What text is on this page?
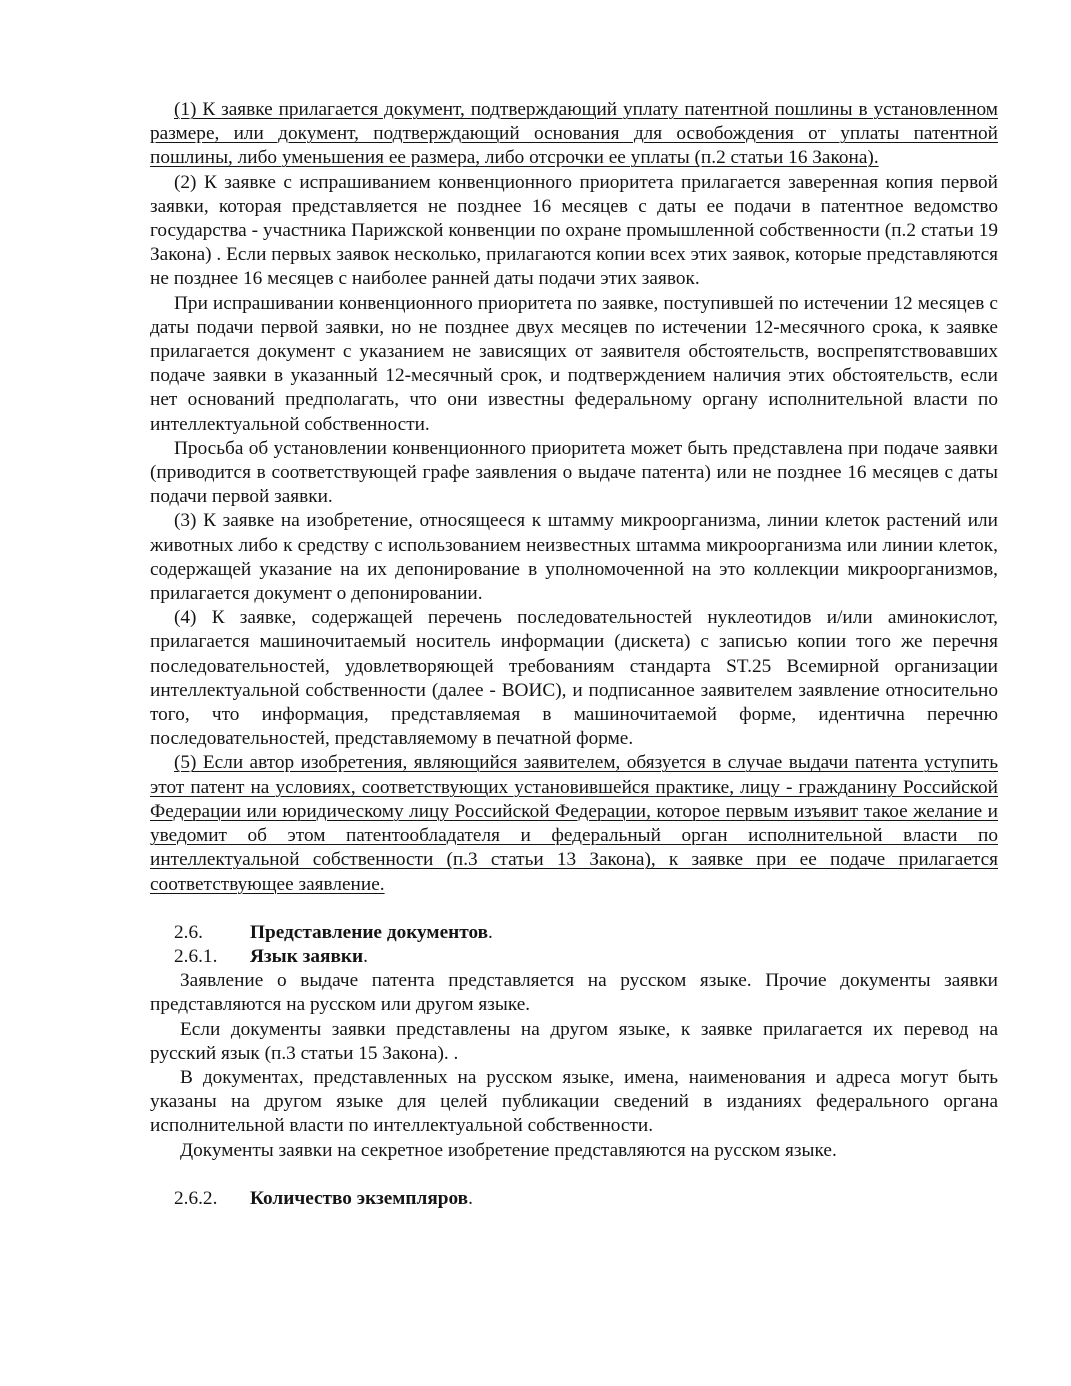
(1) К заявке прилагается документ, подтверждающий уплату патентной пошлины в установленном размере, или документ, подтверждающий основания для освобождения от уплаты патентной пошлины, либо уменьшения ее размера, либо отсрочки ее уплаты (п.2 статьи 16 Закона).

(2) К заявке с испрашиванием конвенционного приоритета прилагается заверенная копия первой заявки, которая представляется не позднее 16 месяцев с даты ее подачи в патентное ведомство государства - участника Парижской конвенции по охране промышленной собственности (п.2 статьи 19 Закона) . Если первых заявок несколько, прилагаются копии всех этих заявок, которые представляются не позднее 16 месяцев с наиболее ранней даты подачи этих заявок.

При испрашивании конвенционного приоритета по заявке, поступившей по истечении 12 месяцев с даты подачи первой заявки, но не позднее двух месяцев по истечении 12-месячного срока, к заявке прилагается документ с указанием не зависящих от заявителя обстоятельств, воспрепятствовавших подаче заявки в указанный 12-месячный срок, и подтверждением наличия этих обстоятельств, если нет оснований предполагать, что они известны федеральному органу исполнительной власти по интеллектуальной собственности.

Просьба об установлении конвенционного приоритета может быть представлена при подаче заявки (приводится в соответствующей графе заявления о выдаче патента) или не позднее 16 месяцев с даты подачи первой заявки.

(3) К заявке на изобретение, относящееся к штамму микроорганизма, линии клеток растений или животных либо к средству с использованием неизвестных штамма микроорганизма или линии клеток, содержащей указание на их депонирование в уполномоченной на это коллекции микроорганизмов, прилагается документ о депонировании.

(4) К заявке, содержащей перечень последовательностей нуклеотидов и/или аминокислот, прилагается машиночитаемый носитель информации (дискета) с записью копии того же перечня последовательностей, удовлетворяющей требованиям стандарта ST.25 Всемирной организации интеллектуальной собственности (далее - ВОИС), и подписанное заявителем заявление относительно того, что информация, представляемая в машиночитаемой форме, идентична перечню последовательностей, представляемому в печатной форме.

(5) Если автор изобретения, являющийся заявителем, обязуется в случае выдачи патента уступить этот патент на условиях, соответствующих установившейся практике, лицу - гражданину Российской Федерации или юридическому лицу Российской Федерации, которое первым изъявит такое желание и уведомит об этом патентообладателя и федеральный орган исполнительной власти по интеллектуальной собственности (п.3 статьи 13 Закона), к заявке при ее подаче прилагается соответствующее заявление.

2.6.	Представление документов.
2.6.1.	Язык заявки.

Заявление о выдаче патента представляется на русском языке. Прочие документы заявки представляются на русском или другом языке.

Если документы заявки представлены на другом языке, к заявке прилагается их перевод на русский язык (п.3 статьи 15 Закона). .

В документах, представленных на русском языке, имена, наименования и адреса могут быть указаны на другом языке для целей публикации сведений в изданиях федерального органа исполнительной власти по интеллектуальной собственности.

Документы заявки на секретное изобретение представляются на русском языке.

2.6.2.	Количество экземпляров.
